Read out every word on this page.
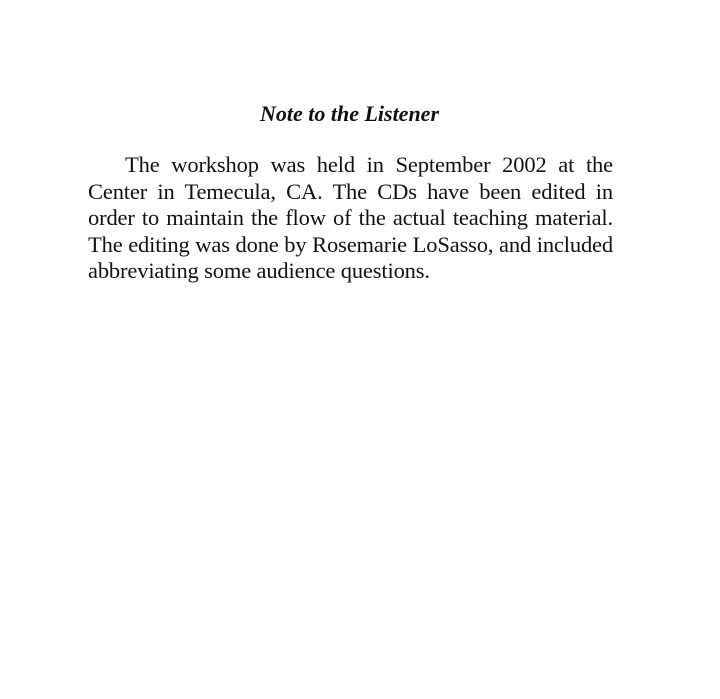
Note to the Listener

The workshop was held in September 2002 at the Center in Temecula, CA. The CDs have been edited in order to maintain the flow of the actual teaching material. The editing was done by Rosemarie LoSasso, and included abbreviating some audience questions.
